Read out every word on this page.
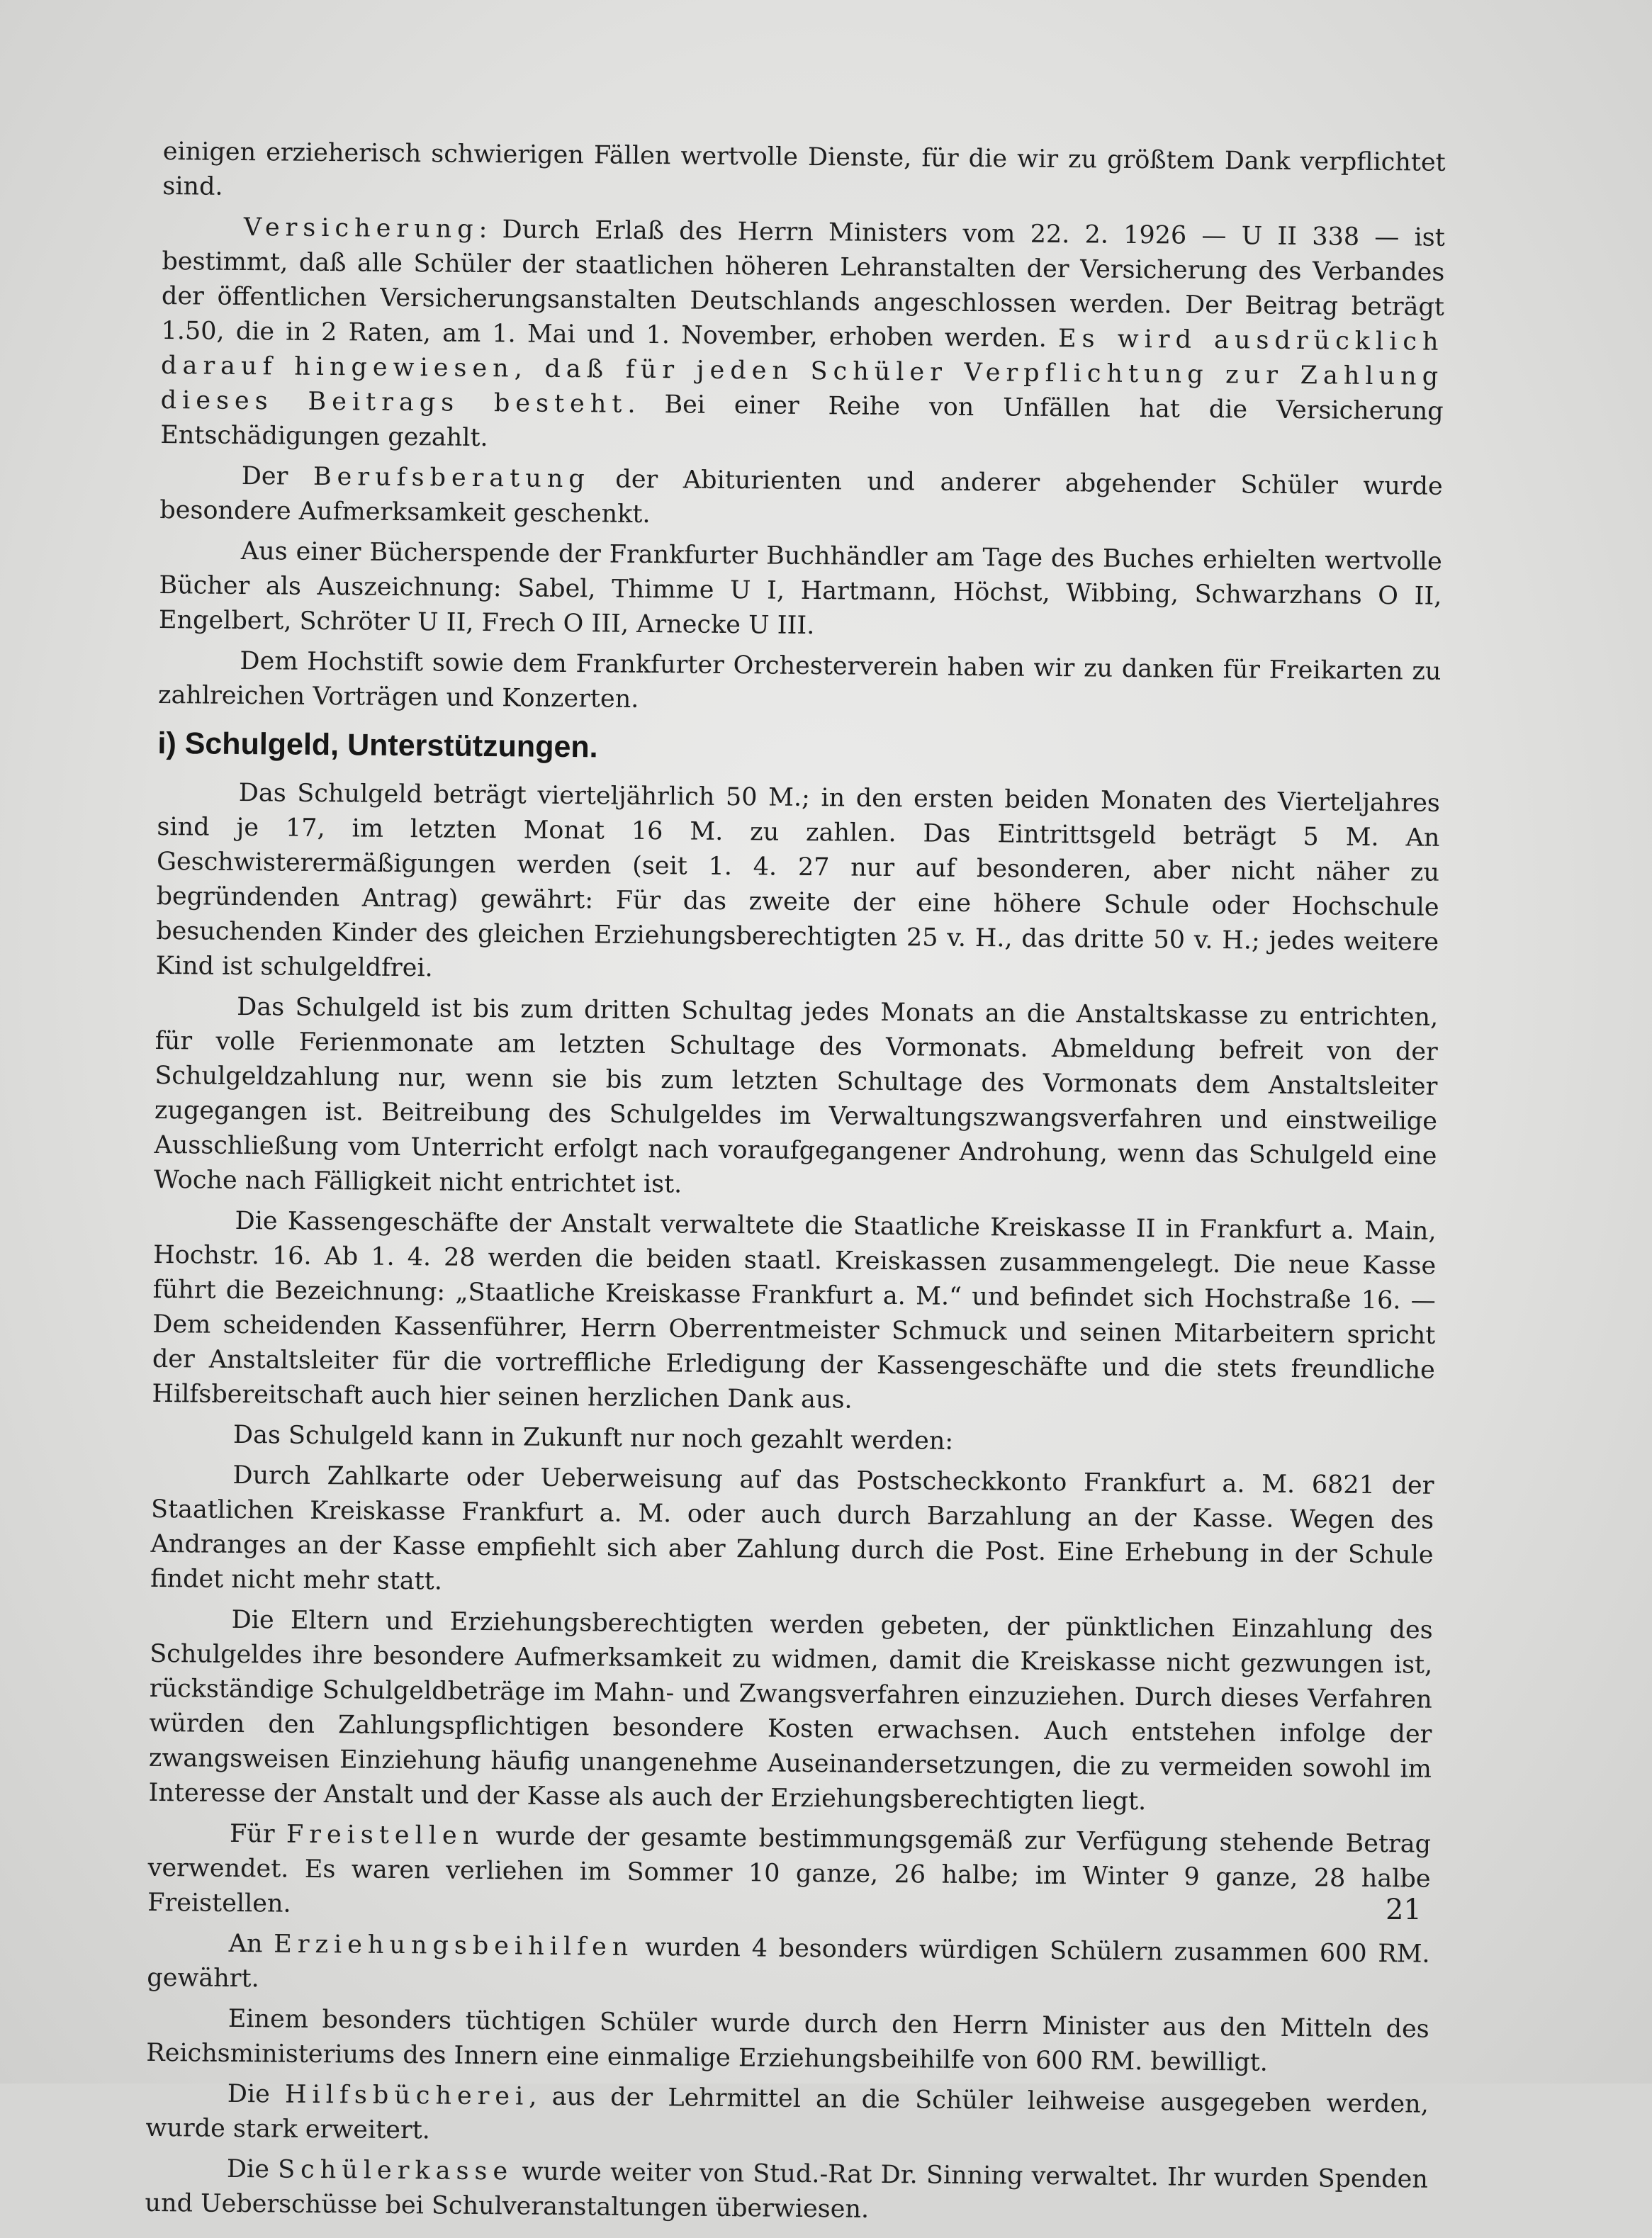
einigen erzieherisch schwierigen Fällen wertvolle Dienste, für die wir zu größtem Dank verpflichtet sind.

Versicherung: Durch Erlaß des Herrn Ministers vom 22. 2. 1926 — U II 338 — ist bestimmt, daß alle Schüler der staatlichen höheren Lehranstalten der Versicherung des Verbandes der öffentlichen Versicherungsanstalten Deutschlands angeschlossen werden. Der Beitrag beträgt 1.50, die in 2 Raten, am 1. Mai und 1. November, erhoben werden. Es wird ausdrücklich darauf hingewiesen, daß für jeden Schüler Verpflichtung zur Zahlung dieses Beitrags besteht. Bei einer Reihe von Unfällen hat die Versicherung Entschädigungen gezahlt.

Der Berufsberatung der Abiturienten und anderer abgehender Schüler wurde besondere Aufmerksamkeit geschenkt.

Aus einer Bücherspende der Frankfurter Buchhändler am Tage des Buches erhielten wertvolle Bücher als Auszeichnung: Sabel, Thimme U I, Hartmann, Höchst, Wibbing, Schwarzhans O II, Engelbert, Schröter U II, Frech O III, Arnecke U III.

Dem Hochstift sowie dem Frankfurter Orchesterverein haben wir zu danken für Freikarten zu zahlreichen Vorträgen und Konzerten.

i) Schulgeld, Unterstützungen.

Das Schulgeld beträgt vierteljährlich 50 M.; in den ersten beiden Monaten des Vierteljahres sind je 17, im letzten Monat 16 M. zu zahlen. Das Eintrittsgeld beträgt 5 M. An Geschwisterermäßigungen werden (seit 1. 4. 27 nur auf besonderen, aber nicht näher zu begründenden Antrag) gewährt: Für das zweite der eine höhere Schule oder Hochschule besuchenden Kinder des gleichen Erziehungsberechtigten 25 v. H., das dritte 50 v. H.; jedes weitere Kind ist schulgeldfrei.

Das Schulgeld ist bis zum dritten Schultag jedes Monats an die Anstaltskasse zu entrichten, für volle Ferienmonate am letzten Schultage des Vormonats. Abmeldung befreit von der Schulgeldzahlung nur, wenn sie bis zum letzten Schultage des Vormonats dem Anstaltsleiter zugegangen ist. Beitreibung des Schulgeldes im Verwaltungszwangsverfahren und einstweilige Ausschließung vom Unterricht erfolgt nach voraufgegangener Androhung, wenn das Schulgeld eine Woche nach Fälligkeit nicht entrichtet ist.

Die Kassengeschäfte der Anstalt verwaltete die Staatliche Kreiskasse II in Frankfurt a. Main, Hochstr. 16. Ab 1. 4. 28 werden die beiden staatl. Kreiskassen zusammengelegt. Die neue Kasse führt die Bezeichnung: „Staatliche Kreiskasse Frankfurt a. M.“ und befindet sich Hochstraße 16. — Dem scheidenden Kassenführer, Herrn Oberrentmeister Schmuck und seinen Mitarbeitern spricht der Anstaltsleiter für die vortreffliche Erledigung der Kassengeschäfte und die stets freundliche Hilfsbereitschaft auch hier seinen herzlichen Dank aus.

Das Schulgeld kann in Zukunft nur noch gezahlt werden:

Durch Zahlkarte oder Ueberweisung auf das Postscheckkonto Frankfurt a. M. 6821 der Staatlichen Kreiskasse Frankfurt a. M. oder auch durch Barzahlung an der Kasse. Wegen des Andranges an der Kasse empfiehlt sich aber Zahlung durch die Post. Eine Erhebung in der Schule findet nicht mehr statt.

Die Eltern und Erziehungsberechtigten werden gebeten, der pünktlichen Einzahlung des Schulgeldes ihre besondere Aufmerksamkeit zu widmen, damit die Kreiskasse nicht gezwungen ist, rückständige Schulgeldbeträge im Mahn- und Zwangsverfahren einzuziehen. Durch dieses Verfahren würden den Zahlungspflichtigen besondere Kosten erwachsen. Auch entstehen infolge der zwangsweisen Einziehung häufig unangenehme Auseinandersetzungen, die zu vermeiden sowohl im Interesse der Anstalt und der Kasse als auch der Erziehungsberechtigten liegt.

Für Freistellen wurde der gesamte bestimmungsgemäß zur Verfügung stehende Betrag verwendet. Es waren verliehen im Sommer 10 ganze, 26 halbe; im Winter 9 ganze, 28 halbe Freistellen.

An Erziehungsbeihilfen wurden 4 besonders würdigen Schülern zusammen 600 RM. gewährt.

Einem besonders tüchtigen Schüler wurde durch den Herrn Minister aus den Mitteln des Reichsministeriums des Innern eine einmalige Erziehungsbeihilfe von 600 RM. bewilligt.

Die Hilfsbücherei, aus der Lehrmittel an die Schüler leihweise ausgegeben werden, wurde stark erweitert.

Die Schülerkasse wurde weiter von Stud.-Rat Dr. Sinning verwaltet. Ihr wurden Spenden und Ueberschüsse bei Schulveranstaltungen überwiesen.

21
